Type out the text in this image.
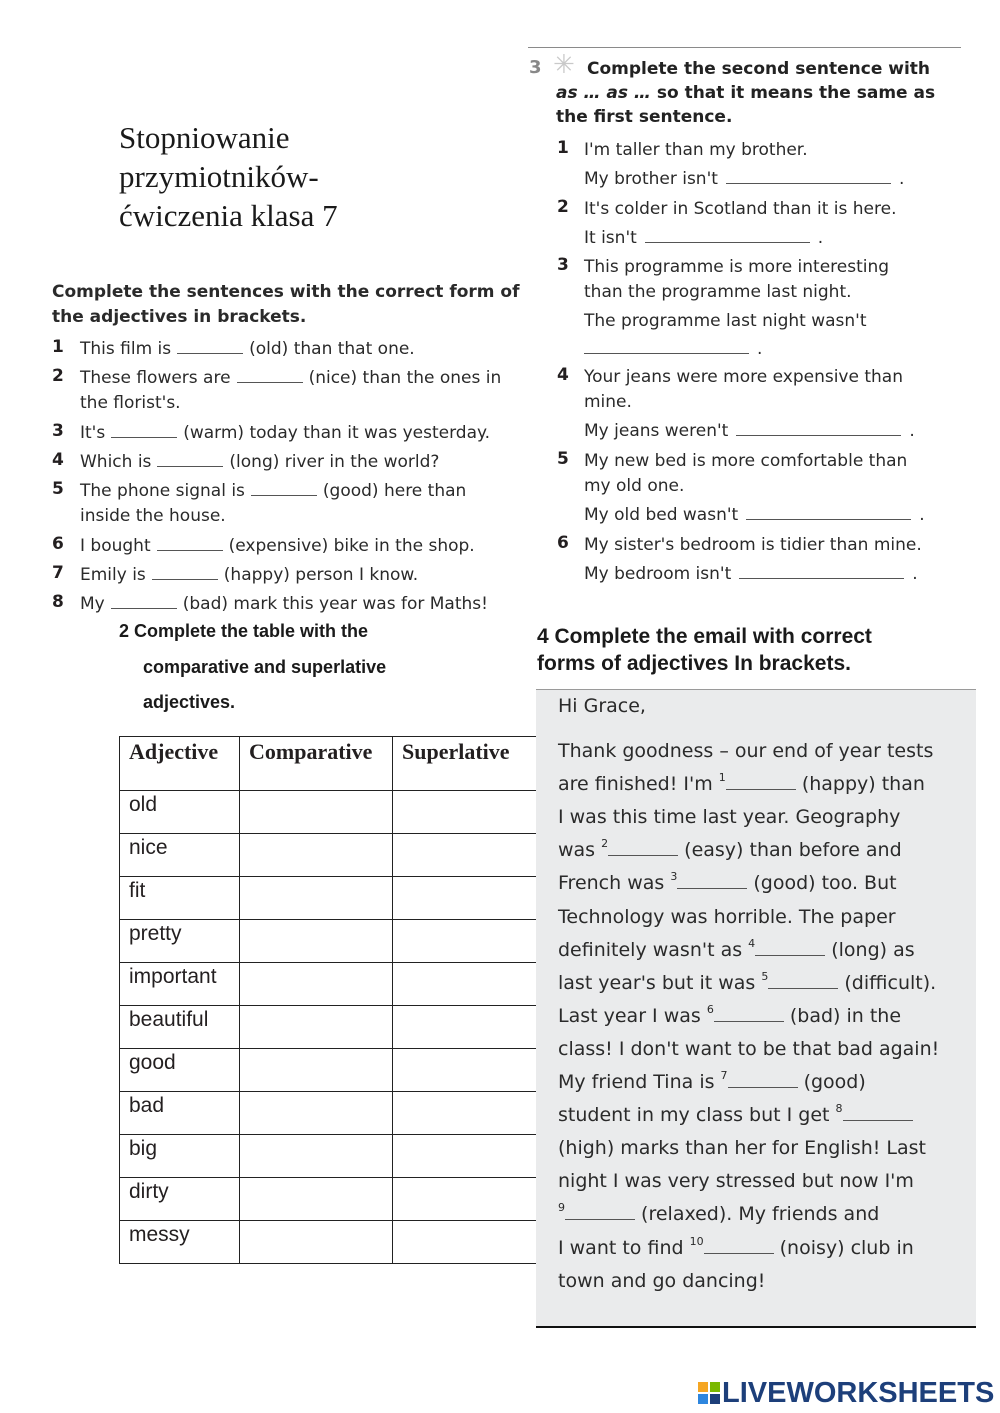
Stopniowanie
przymiotników-
ćwiczenia klasa 7
Complete the sentences with the correct form of the adjectives in brackets.
1 This film is	(old) than that one.
2 These flowers are	(nice) than the ones in
the florist's.
3 It's	(warm) today than it was yesterday.
4 Which is	(long) river in the world?
5 The phone signal is	(good) here than
inside the house.
6 I bought	(expensive) bike in the shop.
7 Emily is	(happy) person I know.
8 My	(bad) mark this year was for Maths!
2 Complete the table with the
comparative and superlative
adjectives.
Adjective	Comparative	Superlative
old		
nice		
fit		
pretty		
important		
beautiful		
good		
bad		
big		
dirty		
messy		
3 ✳ Complete the second sentence with
as … as … so that it means the same as
the first sentence.
1 I'm taller than my brother.
My brother isn't	.
2 It's colder in Scotland than it is here.
It isn't	.
3 This programme is more interesting
than the programme last night.
The programme last night wasn't
.
4 Your jeans were more expensive than
mine.
My jeans weren't	.
5 My new bed is more comfortable than
my old one.
My old bed wasn't	.
6 My sister's bedroom is tidier than mine.
My bedroom isn't	.
4 Complete the email with correct
forms of adjectives In brackets.
Hi Grace,
Thank goodness – our end of year tests
are finished! I'm $^1$	(happy) than
I was this time last year. Geography
was $^2$	(easy) than before and
French was $^3$	(good) too. But
Technology was horrible. The paper
definitely wasn't as $^4$	(long) as
last year's but it was $^5$	(difficult).
Last year I was $^6$	(bad) in the
class! I don't want to be that bad again!
My friend Tina is $^7$	(good)
student in my class but I get $^8$
(high) marks than her for English! Last
night I was very stressed but now I'm
$^9$	(relaxed). My friends and
I want to find $^{10}$	(noisy) club in
town and go dancing!
LIVEWORKSHEETS
